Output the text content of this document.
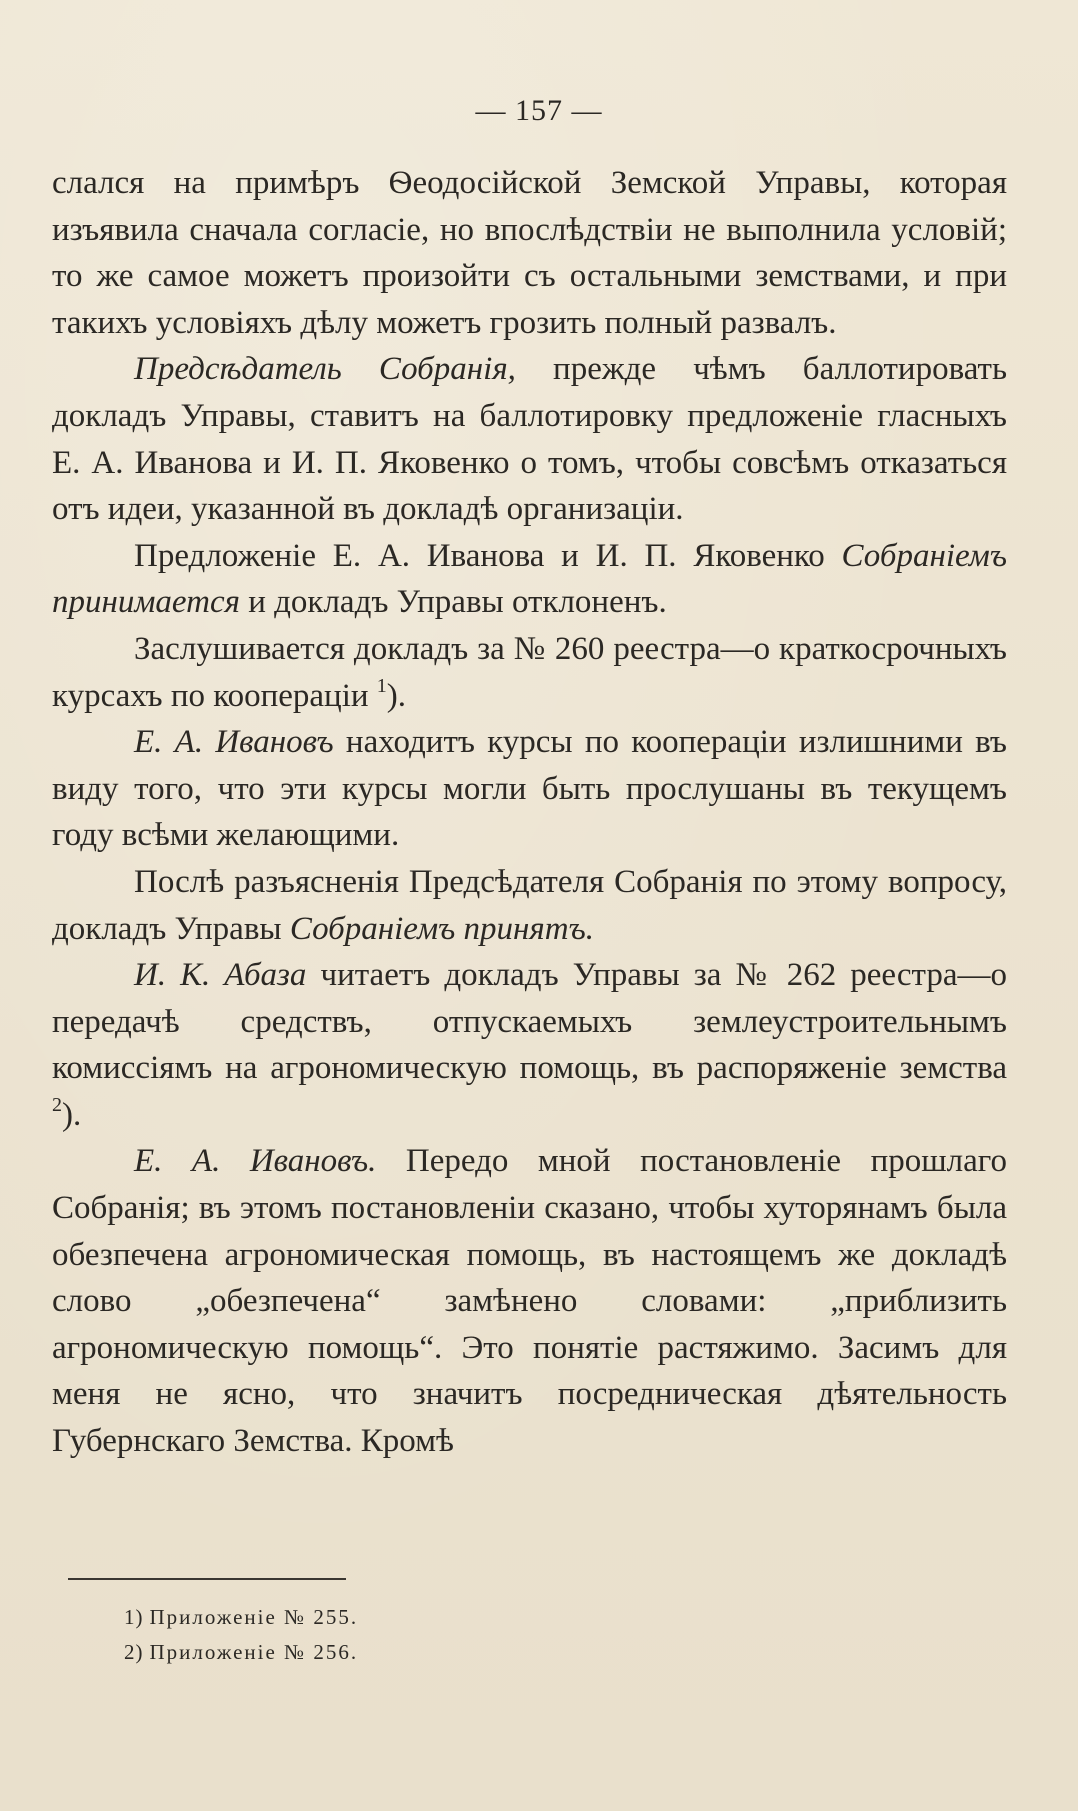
— 157 —

слался на примѣръ Ѳеодосійской Земской Управы, которая изъявила сначала согласіе, но впослѣдствіи не выполнила условій; то же самое можетъ произойти съ остальными земствами, и при такихъ условіяхъ дѣлу можетъ грозить полный развалъ.

Предсѣдатель Собранія, прежде чѣмъ баллотировать докладъ Управы, ставитъ на баллотировку предложеніе гласныхъ Е. А. Иванова и И. П. Яковенко о томъ, чтобы совсѣмъ отказаться отъ идеи, указанной въ докладѣ организаціи.

Предложеніе Е. А. Иванова и И. П. Яковенко Собраніемъ принимается и докладъ Управы отклоненъ.

Заслушивается докладъ за № 260 реестра—о краткосрочныхъ курсахъ по коопераціи $^1$).

Е. А. Ивановъ находитъ курсы по коопераціи излишними въ виду того, что эти курсы могли быть прослушаны въ текущемъ году всѣми желающими.

Послѣ разъясненія Предсѣдателя Собранія по этому вопросу, докладъ Управы Собраніемъ принятъ.

И. К. Абаза читаетъ докладъ Управы за № 262 реестра—о передачѣ средствъ, отпускаемыхъ землеустроительнымъ комиссіямъ на агрономическую помощь, въ распоряженіе земства $^2$).

Е. А. Ивановъ. Передо мной постановленіе прошлаго Собранія; въ этомъ постановленіи сказано, чтобы хуторянамъ была обезпечена агрономическая помощь, въ настоящемъ же докладѣ слово „обезпечена“ замѣнено словами: „приблизить агрономическую помощь“. Это понятіе растяжимо. Засимъ для меня не ясно, что значитъ посредническая дѣятельность Губернскаго Земства. Кромѣ

1) Приложеніе № 255.

2) Приложеніе № 256.
